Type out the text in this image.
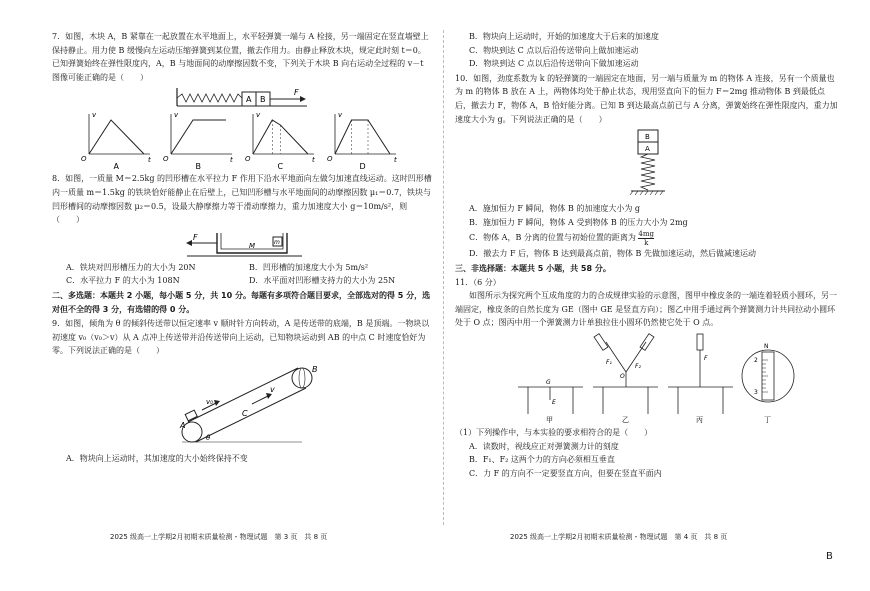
7．如图，木块 A，B 紧靠在一起放置在水平地面上，水平轻弹簧一端与 A 栓接，另一端固定在竖直墙壁上保持静止。用力使 B 缓慢向左运动压缩弹簧到某位置，撤去作用力。由静止释放木块，规定此时刻 t＝0。已知弹簧始终在弹性限度内，A，B 与地面间的动摩擦因数不变，下列关于木块 B 向右运动全过程的 v－t 图像可能正确的是（　　）

A B
F
O
v
t
A
O
v
t
B
O
v
t
C
O
v
t
D

8．如图，一质量 M＝2.5kg 的凹形槽在水平拉力 F 作用下沿水平地面向左做匀加速直线运动。这时凹形槽内一质量 m＝1.5kg 的铁块恰好能静止在后壁上，已知凹形槽与水平地面间的动摩擦因数 μ₁＝0.7，铁块与凹形槽间的动摩擦因数 μ₂＝0.5，设最大静摩擦力等于滑动摩擦力，重力加速度大小 g＝10m/s²，则（　　）

m
F
M
A．铁块对凹形槽压力的大小为 20N	B．凹形槽的加速度大小为 5m/s²
C．水平拉力 F 的大小为 108N	D．水平面对凹形槽支持力的大小为 25N

二、多选题：本题共 2 小题，每小题 5 分，共 10 分。每题有多项符合题目要求，全部选对的得 5 分，选对但不全的得 3 分，有选错的得 0 分。

9．如图，倾角为 θ 的倾斜传送带以恒定速率 v 顺时针方向转动，A 是传送带的底端，B 是顶端。一物块以初速度 v₀（v₀＞v）从 A 点冲上传送带并沿传送带向上运动，已知物块运动到 AB 的中点 C 时速度恰好为零。下列说法正确的是（　　）

A
B
C
v
v₀
θ

A．物块向上运动时，其加速度的大小始终保持不变

2025 级高一上学期2月初期末质量检测・物理试题　第 3 页　共 8 页

B．物块向上运动时，开始的加速度大于后来的加速度

C．物块到达 C 点以后沿传送带向上做加速运动

D．物块到达 C 点以后沿传送带向下做加速运动

10．如图，劲度系数为 k 的轻弹簧的一端固定在地面，另一端与质量为 m 的物体 A 连接，另有一个质量也为 m 的物体 B 放在 A 上，两物体均处于静止状态，现用竖直向下的恒力 F＝2mg 推动物体 B 到最低点后，撤去力 F，物体 A，B 恰好能分离。已知 B 到达最高点前已与 A 分离，弹簧始终在弹性限度内，重力加速度大小为 g。下列说法正确的是（　　）

B
A

A．施加恒力 F 瞬间，物体 B 的加速度大小为 g

B．施加恒力 F 瞬间，物体 A 受到物体 B 的压力大小为 2mg

C．物体 A，B 分离的位置与初始位置的距离为 $\frac{4mg}{k}$

D．撤去力 F 后，物体 B 达到最高点前，物体 B 先做加速运动，然后做减速运动

三、非选择题：本题共 5 小题，共 58 分。

11．（6 分）

如图所示为探究两个互成角度的力的合成规律实验的示意图，图甲中橡皮条的一端连着轻质小圆环，另一端固定，橡皮条的自然长度为 GE（图中 GE 是竖直方向）；图乙中用手通过两个弹簧测力计共同拉动小圆环处于 O 点；图丙中用一个弹簧测力计单独拉住小圆环仍然使它处于 O 点。

G
E
O
F₁
F₂
F
N
2
3
甲	乙	丙	丁

（1）下列操作中，与本实验的要求相符合的是（　　）

A．读数时，视线应正对弹簧测力计的刻度

B．F₁、F₂ 这两个力的方向必须相互垂直

C．力 F 的方向不一定要竖直方向，但要在竖直平面内

2025 级高一上学期2月初期末质量检测・物理试题　第 4 页　共 8 页
B
